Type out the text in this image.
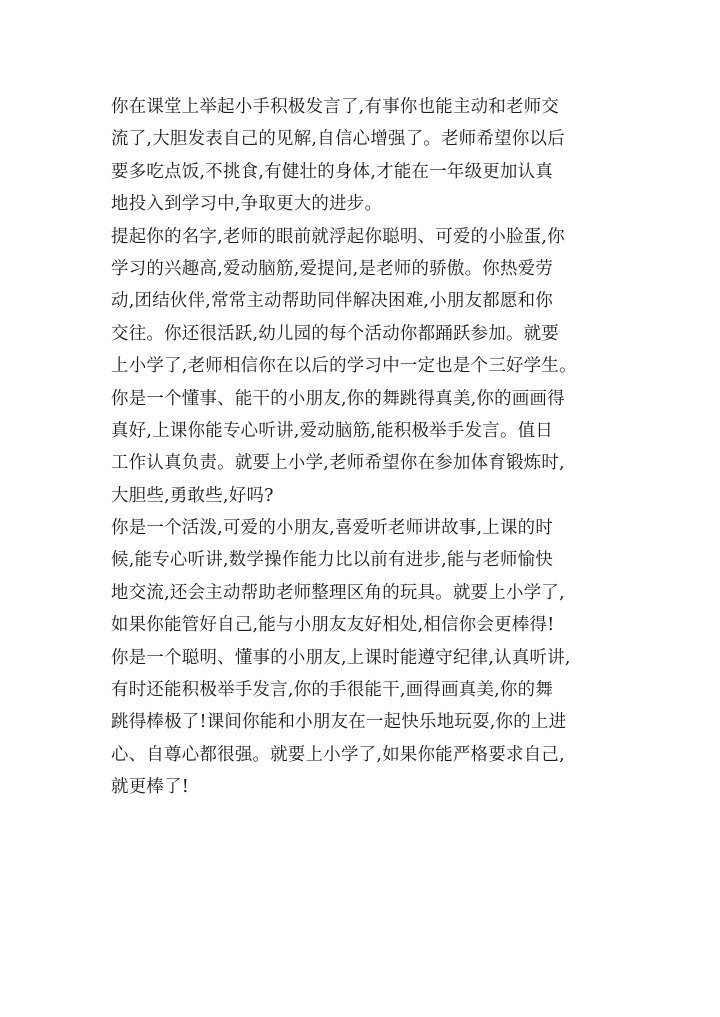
你在课堂上举起小手积极发言了,有事你也能主动和老师交
流了,大胆发表自己的见解,自信心增强了。老师希望你以后
要多吃点饭,不挑食,有健壮的身体,才能在一年级更加认真
地投入到学习中,争取更大的进步。
提起你的名字,老师的眼前就浮起你聪明、可爱的小脸蛋,你
学习的兴趣高,爱动脑筋,爱提问,是老师的骄傲。你热爱劳
动,团结伙伴,常常主动帮助同伴解决困难,小朋友都愿和你
交往。你还很活跃,幼儿园的每个活动你都踊跃参加。就要
上小学了,老师相信你在以后的学习中一定也是个三好学生。
你是一个懂事、能干的小朋友,你的舞跳得真美,你的画画得
真好,上课你能专心听讲,爱动脑筋,能积极举手发言。值日
工作认真负责。就要上小学,老师希望你在参加体育锻炼时,
大胆些,勇敢些,好吗?
你是一个活泼,可爱的小朋友,喜爱听老师讲故事,上课的时
候,能专心听讲,数学操作能力比以前有进步,能与老师愉快
地交流,还会主动帮助老师整理区角的玩具。就要上小学了,
如果你能管好自己,能与小朋友友好相处,相信你会更棒得!
你是一个聪明、懂事的小朋友,上课时能遵守纪律,认真听讲,
有时还能积极举手发言,你的手很能干,画得画真美,你的舞
跳得棒极了!课间你能和小朋友在一起快乐地玩耍,你的上进
心、自尊心都很强。就要上小学了,如果你能严格要求自己,
就更棒了!
